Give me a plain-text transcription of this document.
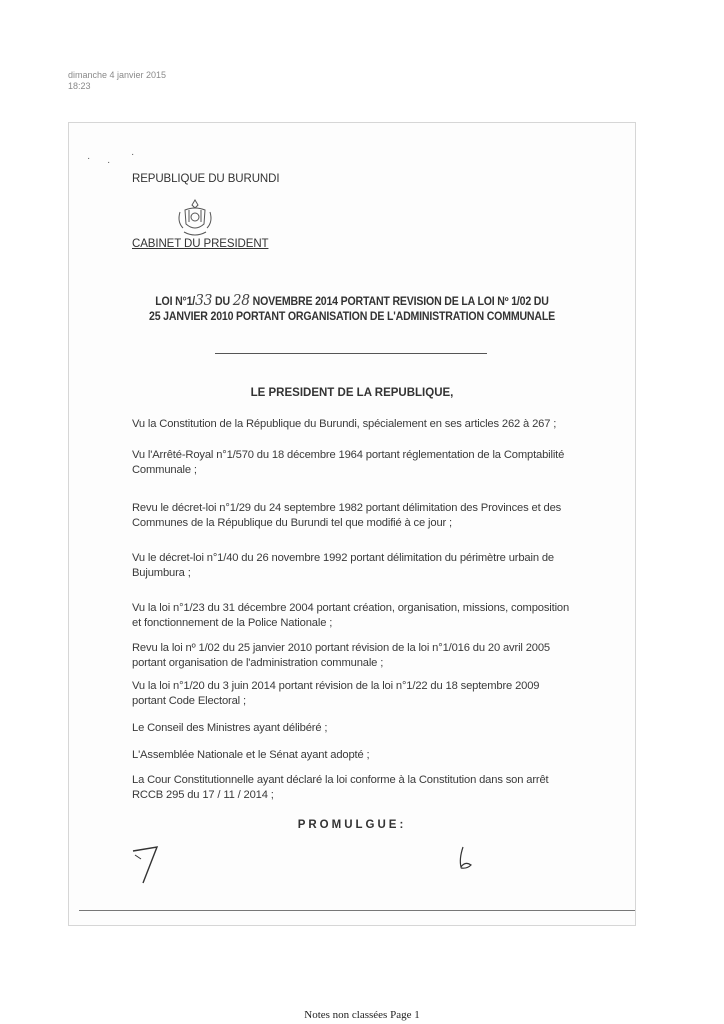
dimanche 4 janvier 2015
18:23
· ·
·
REPUBLIQUE DU BURUNDI
CABINET DU PRESIDENT
LOI N°1/33 DU 28 NOVEMBRE 2014 PORTANT REVISION DE LA LOI Nº 1/02 DU
25 JANVIER 2010 PORTANT ORGANISATION DE L'ADMINISTRATION COMMUNALE
LE PRESIDENT DE LA REPUBLIQUE,
Vu la Constitution de la République du Burundi, spécialement en ses articles 262 à 267 ;
Vu l'Arrêté-Royal n°1/570 du 18 décembre 1964 portant réglementation de la Comptabilité Communale ;
Revu le décret-loi n°1/29 du 24 septembre 1982 portant délimitation des Provinces et des Communes de la République du Burundi tel que modifié à ce jour ;
Vu le décret-loi n°1/40 du 26 novembre 1992 portant délimitation du périmètre urbain de Bujumbura ;
Vu la loi n°1/23 du 31 décembre 2004 portant création, organisation, missions, composition et fonctionnement de la Police Nationale ;
Revu la loi nº 1/02 du 25 janvier 2010 portant révision de la loi n°1/016 du 20 avril 2005 portant organisation de l'administration communale ;
Vu la loi n°1/20 du 3 juin 2014 portant révision de la loi n°1/22 du 18 septembre 2009 portant Code Electoral ;
Le Conseil des Ministres ayant délibéré ;
L'Assemblée Nationale et le Sénat ayant adopté ;
La Cour Constitutionnelle ayant déclaré la loi conforme à la Constitution dans son arrêt RCCB 295 du 17 / 11 / 2014 ;
PROMULGUE:
Notes non classées Page 1
